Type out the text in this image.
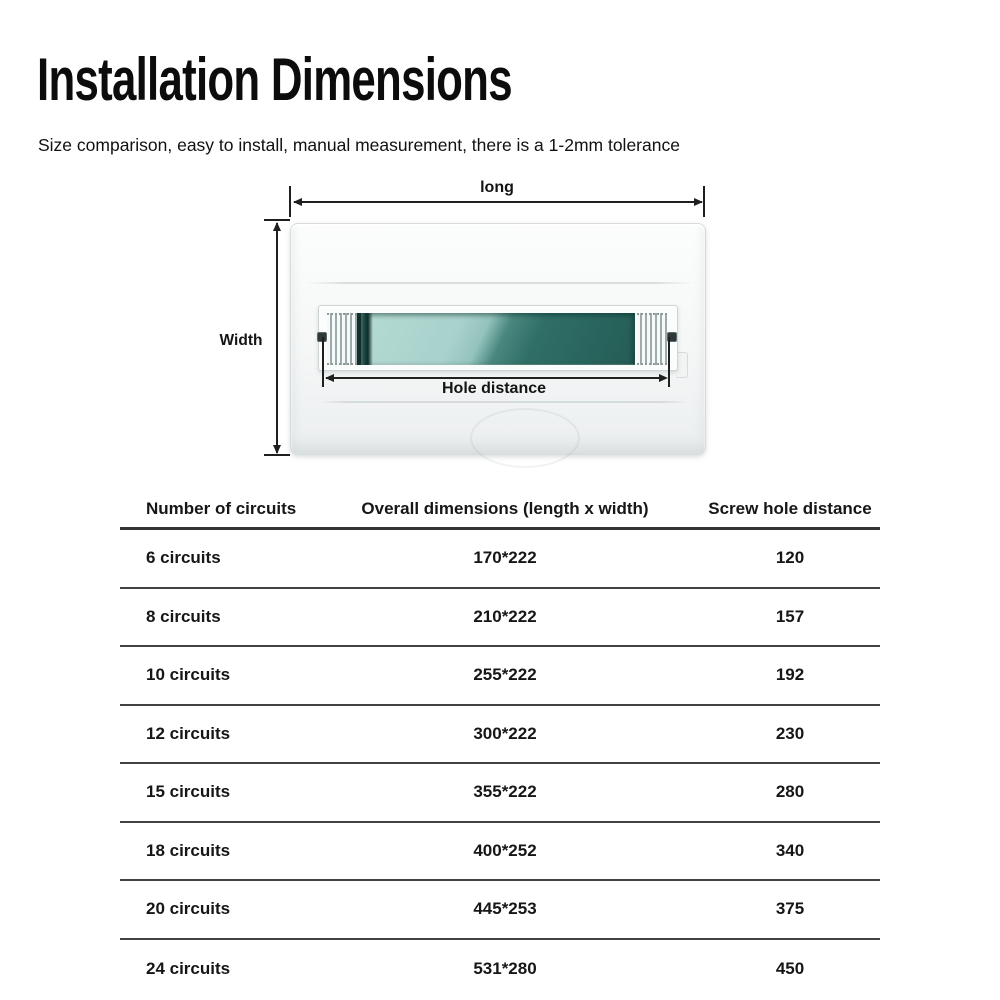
Installation Dimensions
Size comparison, easy to install, manual measurement, there is a 1-2mm tolerance
long
Width
Hole distance
Number of circuits	Overall dimensions (length x width)	Screw hole distance
6 circuits	170*222	120
8 circuits	210*222	157
10 circuits	255*222	192
12 circuits	300*222	230
15 circuits	355*222	280
18 circuits	400*252	340
20 circuits	445*253	375
24 circuits	531*280	450
